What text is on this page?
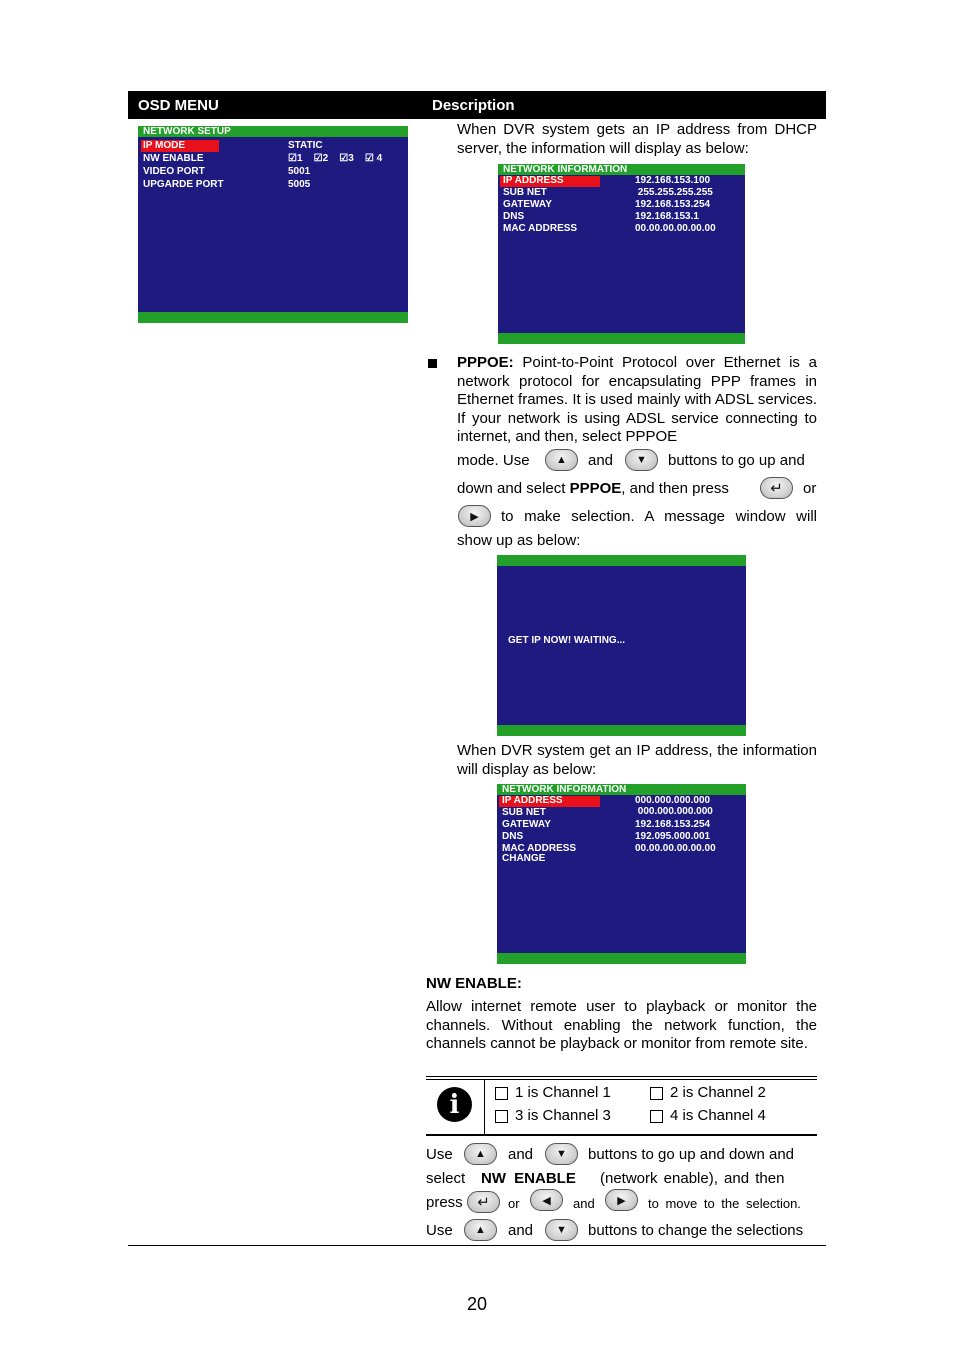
OSD MENU	Description
NETWORK SETUP
IP MODE	STATIC
NW ENABLE	☑1    ☑2    ☑3    ☑ 4
VIDEO PORT	5001
UPGARDE PORT	5005
When DVR system gets an IP address from DHCP server, the information will display as below:
NETWORK INFORMATION
IP ADDRESS	192.168.153.100
SUB NET	255.255.255.255
GATEWAY	192.168.153.254
DNS	192.168.153.1
MAC ADDRESS	00.00.00.00.00.00
PPPOE: Point-to-Point Protocol over Ethernet is a network protocol for encapsulating PPP frames in Ethernet frames. It is used mainly with ADSL services. If your network is using ADSL service connecting to internet, and then, select PPPOE
mode. Use	▲	and	▼	buttons to go up and
down and select PPPOE, and then press	↵	or
▶	to make selection. A message window will
show up as below:
GET IP NOW! WAITING...
When DVR system get an IP address, the information will display as below:
NETWORK INFORMATION
IP ADDRESS	000.000.000.000
SUB NET	000.000.000.000
GATEWAY	192.168.153.254
DNS	192.095.000.001
MAC ADDRESS	00.00.00.00.00.00
CHANGE
NW ENABLE:
Allow internet remote user to playback or monitor the channels. Without enabling the network function, the channels cannot be playback or monitor from remote site.
i	1 is Channel 1	2 is Channel 2
3 is Channel 3	4 is Channel 4
Use	▲	and	▼	buttons to go up and down and
select NW ENABLE (network enable), and then
press ↵	or	◀	and	▶	to move to the selection.
Use	▲	and	▼	buttons to change the selections
20
